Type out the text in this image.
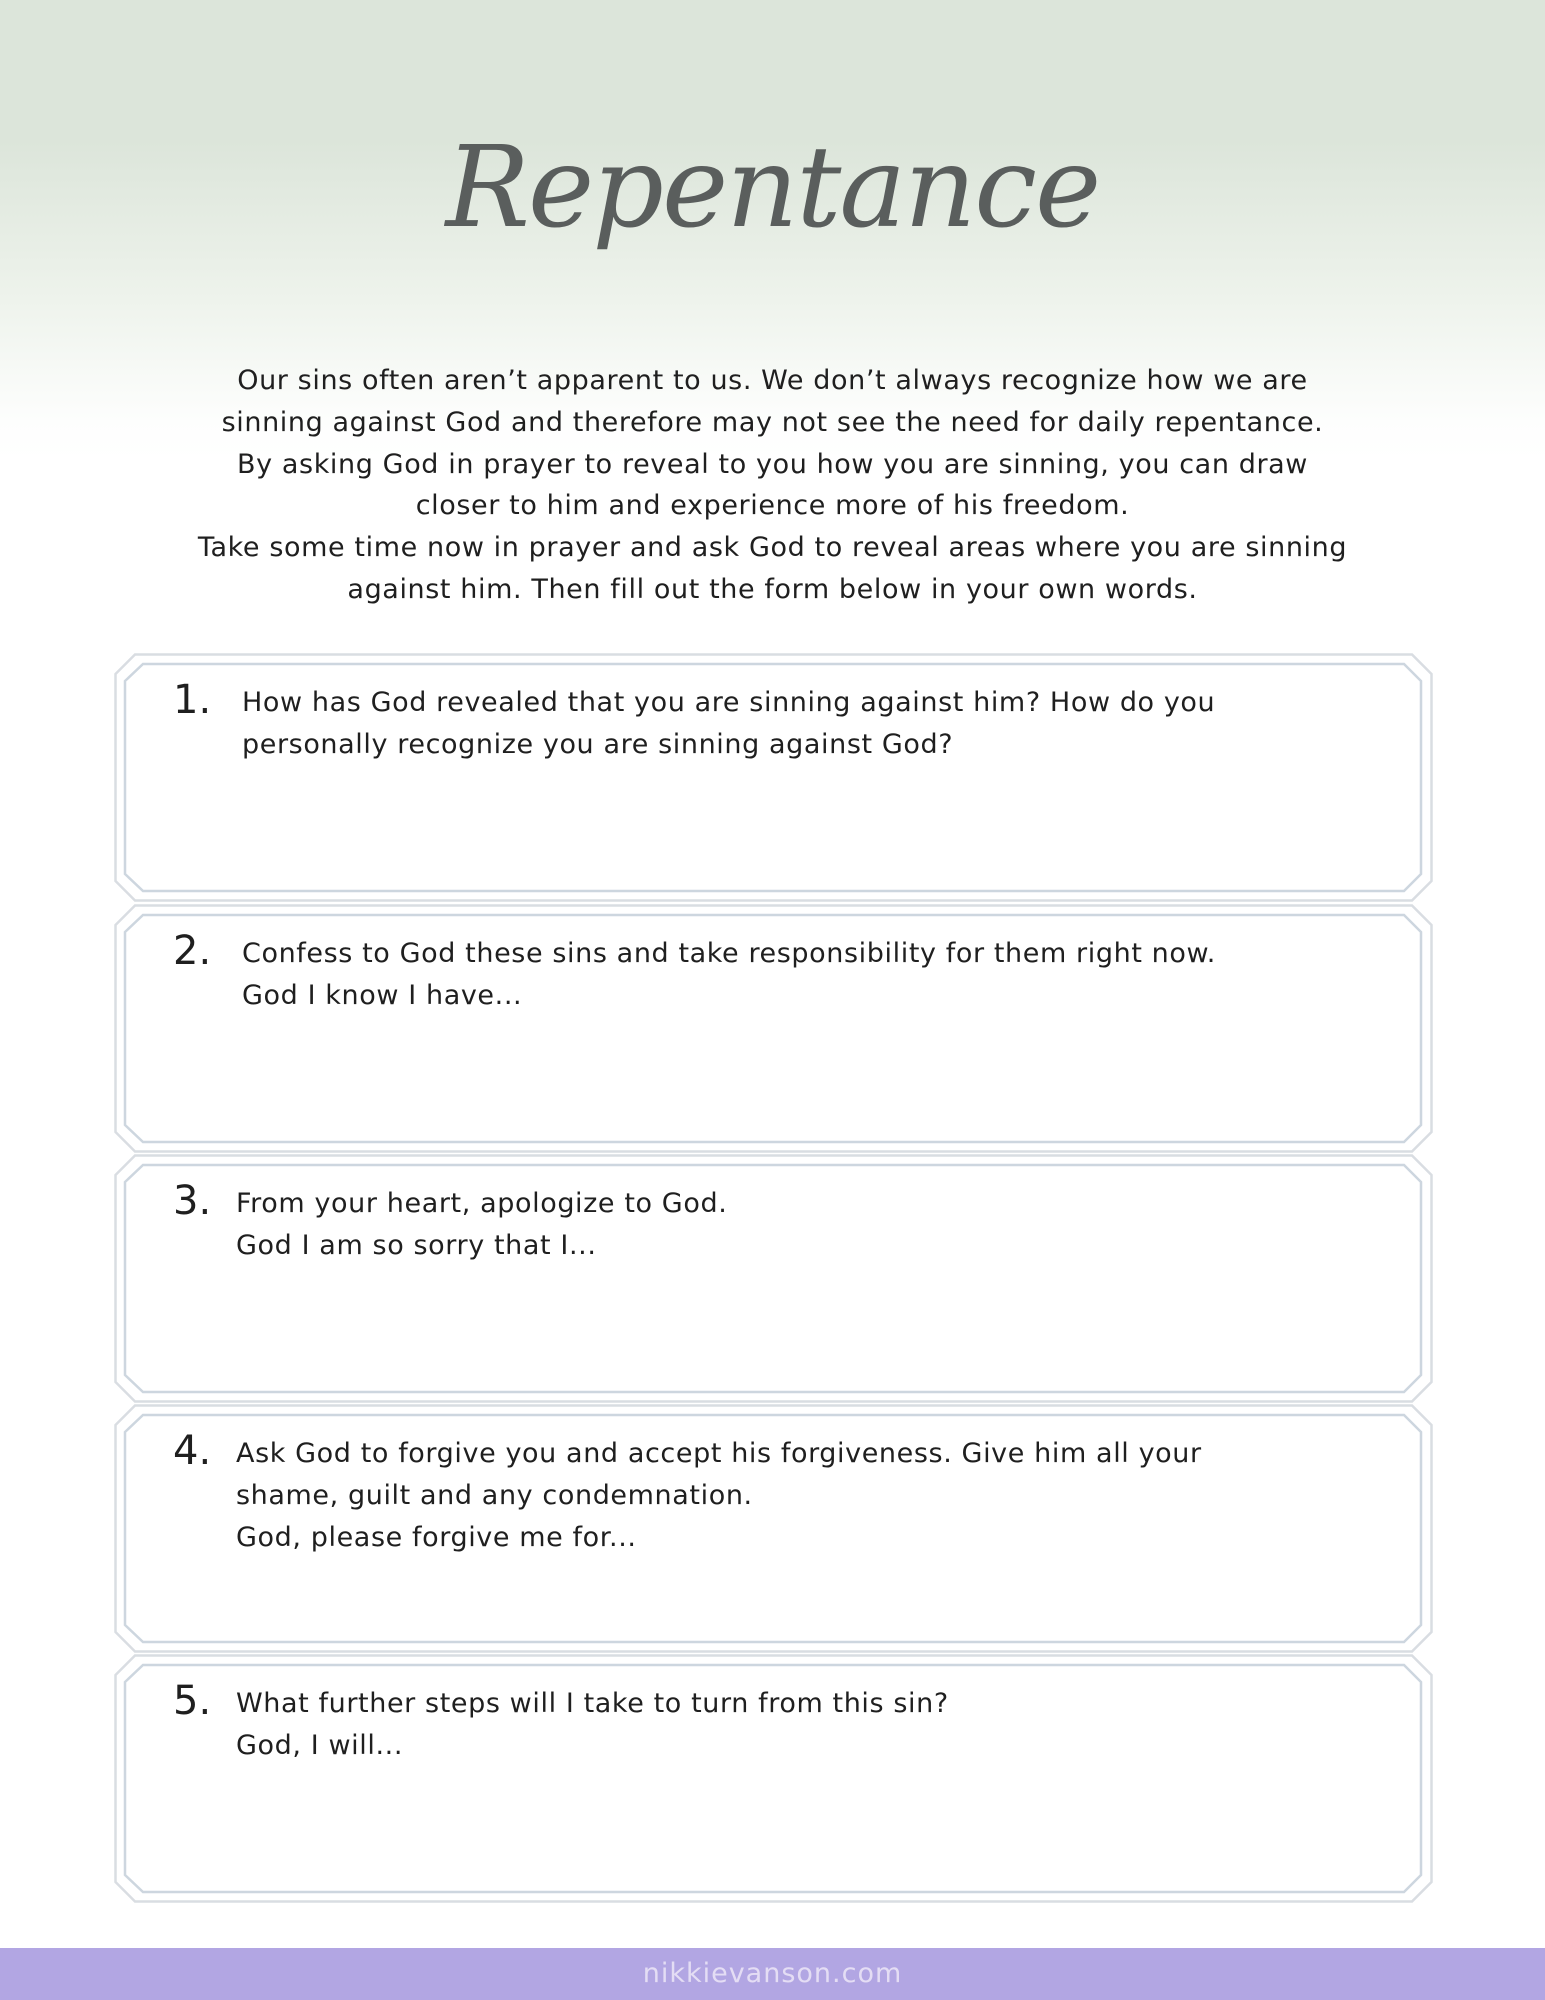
Repentance
Our sins often aren’t apparent to us. We don’t always recognize how we are
sinning against God and therefore may not see the need for daily repentance.
By asking God in prayer to reveal to you how you are sinning, you can draw
closer to him and experience more of his freedom.
Take some time now in prayer and ask God to reveal areas where you are sinning
against him. Then fill out the form below in your own words.
1. How has God revealed that you are sinning against him? How do you
personally recognize you are sinning against God?
2. Confess to God these sins and take responsibility for them right now.
God I know I have...
3. From your heart, apologize to God.
God I am so sorry that I...
4. Ask God to forgive you and accept his forgiveness. Give him all your
shame, guilt and any condemnation.
God, please forgive me for...
5. What further steps will I take to turn from this sin?
God, I will...
nikkievanson.com
